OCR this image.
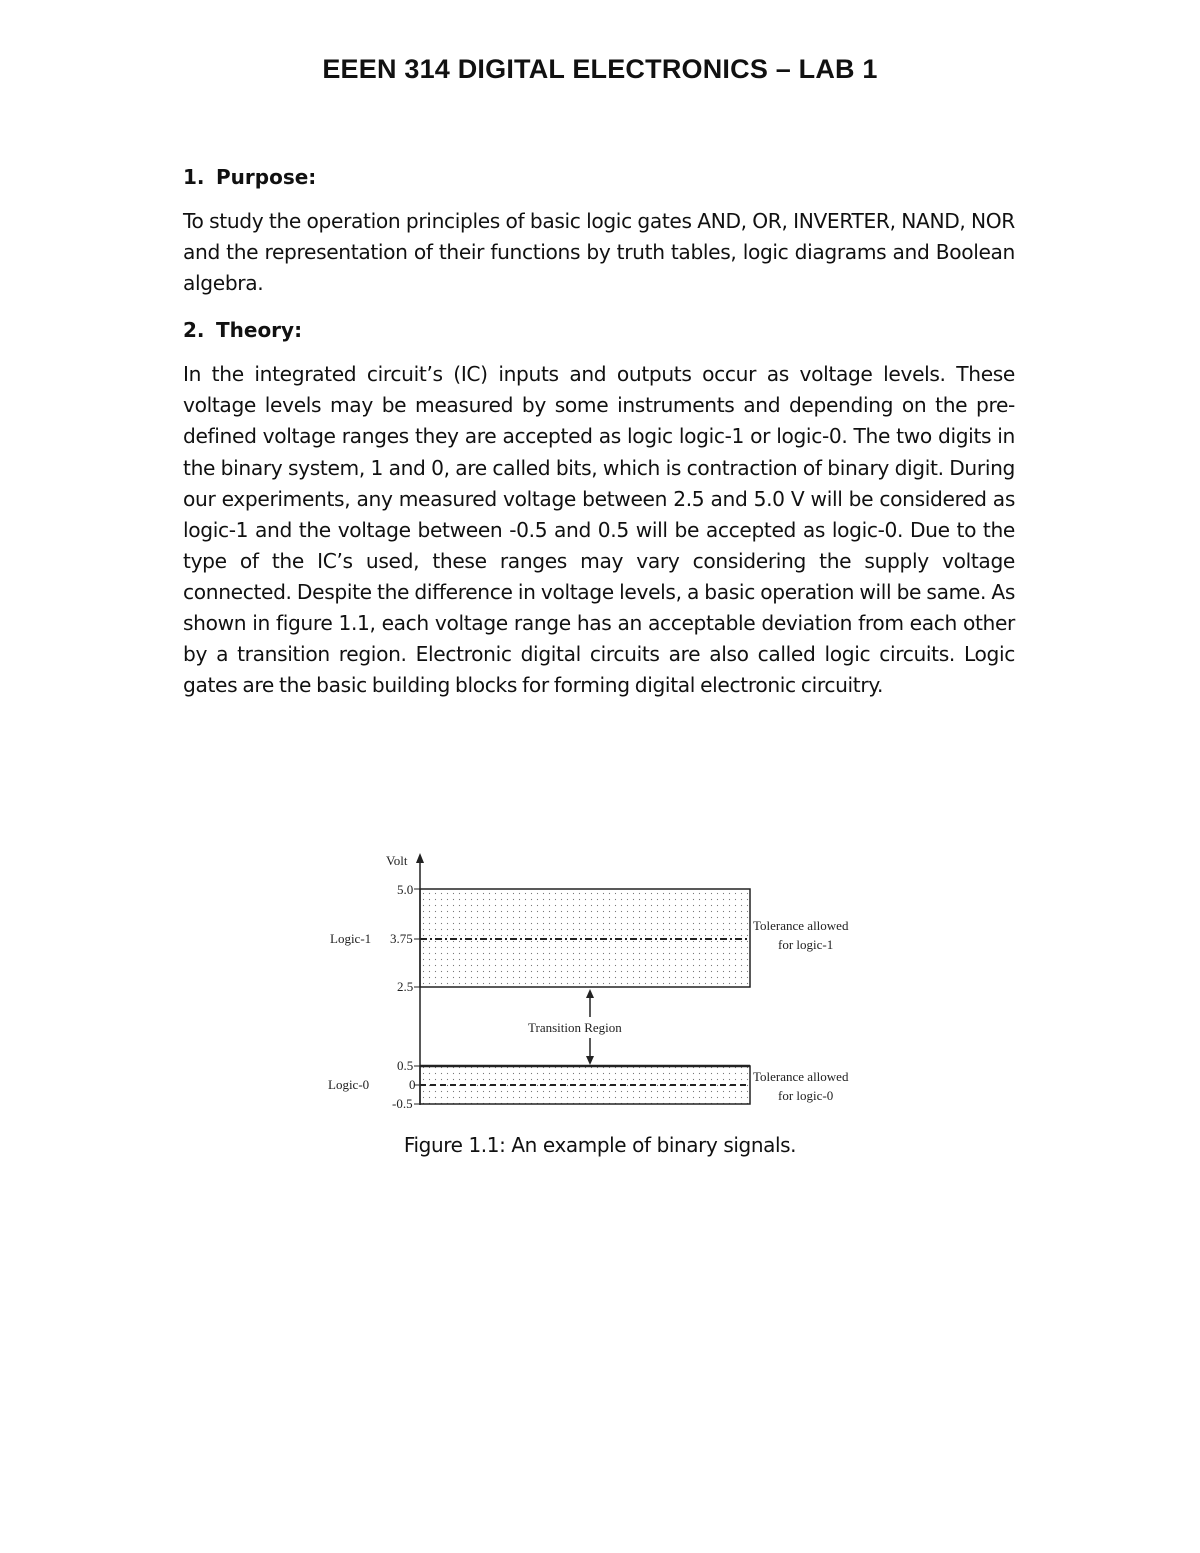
EEEN 314 DIGITAL ELECTRONICS – LAB 1
1. Purpose:

To study the operation principles of basic logic gates AND, OR, INVERTER, NAND, NOR and the representation of their functions by truth tables, logic diagrams and Boolean algebra.

2. Theory:

In the integrated circuit’s (IC) inputs and outputs occur as voltage levels. These voltage levels may be measured by some instruments and depending on the pre-defined voltage ranges they are accepted as logic logic-1 or logic-0. The two digits in the binary system, 1 and 0, are called bits, which is contraction of binary digit. During our experiments, any measured voltage between 2.5 and 5.0 V will be considered as logic-1 and the voltage between -0.5 and 0.5 will be accepted as logic-0. Due to the type of the IC’s used, these ranges may vary considering the supply voltage connected. Despite the difference in voltage levels, a basic operation will be same. As shown in figure 1.1, each voltage range has an acceptable deviation from each other by a transition region. Electronic digital circuits are also called logic circuits. Logic gates are the basic building blocks for forming digital electronic circuitry.

Volt
5.0
3.75
2.5
0.5
0
-0.5
Logic-1
Logic-0
Transition Region
Tolerance allowed
for logic-1
Tolerance allowed
for logic-0
Figure 1.1: An example of binary signals.
